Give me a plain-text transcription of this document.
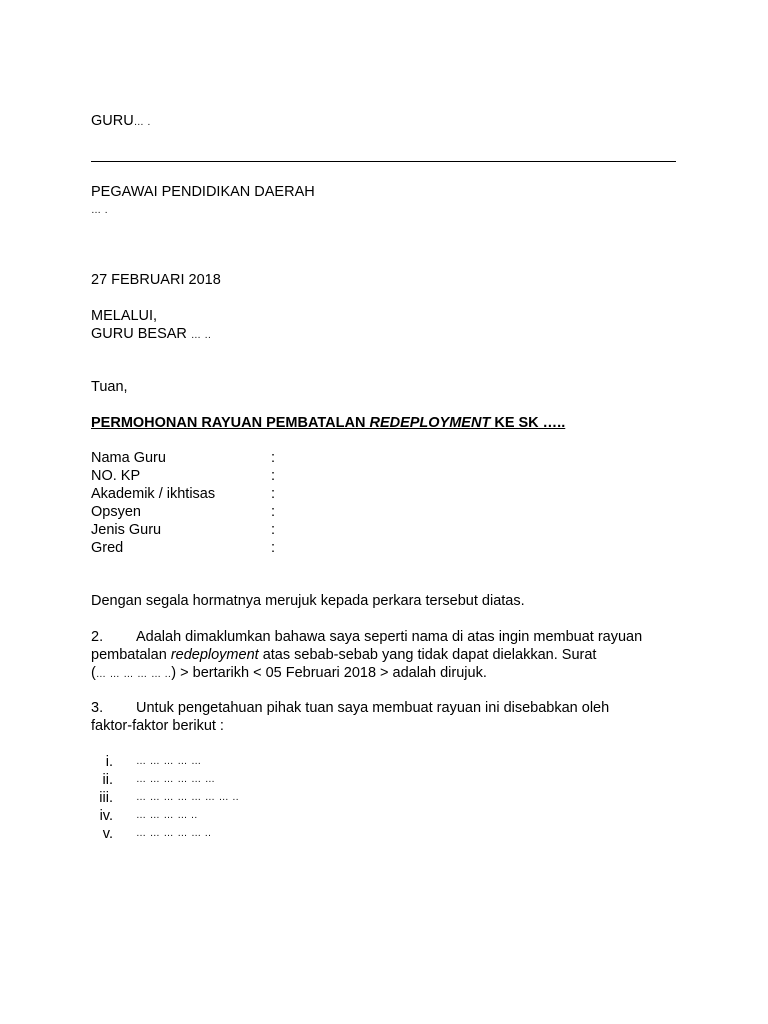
GURU… .
PEGAWAI PENDIDIKAN DAERAH
… .
27 FEBRUARI 2018
MELALUI,
GURU BESAR … ..
Tuan,
PERMOHONAN RAYUAN PEMBATALAN REDEPLOYMENT KE SK …..
Nama Guru	:
NO. KP	:
Akademik / ikhtisas	:
Opsyen	:
Jenis Guru	:
Gred	:
Dengan segala hormatnya merujuk kepada perkara tersebut diatas.
2. Adalah dimaklumkan bahawa saya seperti nama di atas ingin membuat rayuan
pembatalan redeployment atas sebab-sebab yang tidak dapat dielakkan. Surat
(… … … … … ..) > bertarikh < 05 Februari 2018 > adalah dirujuk.
3. Untuk pengetahuan pihak tuan saya membuat rayuan ini disebabkan oleh
faktor-faktor berikut :
i. … … … … …
ii. … … … … … …
iii. … … … … … … … ..
iv. … … … … ..
v. … … … … … ..
